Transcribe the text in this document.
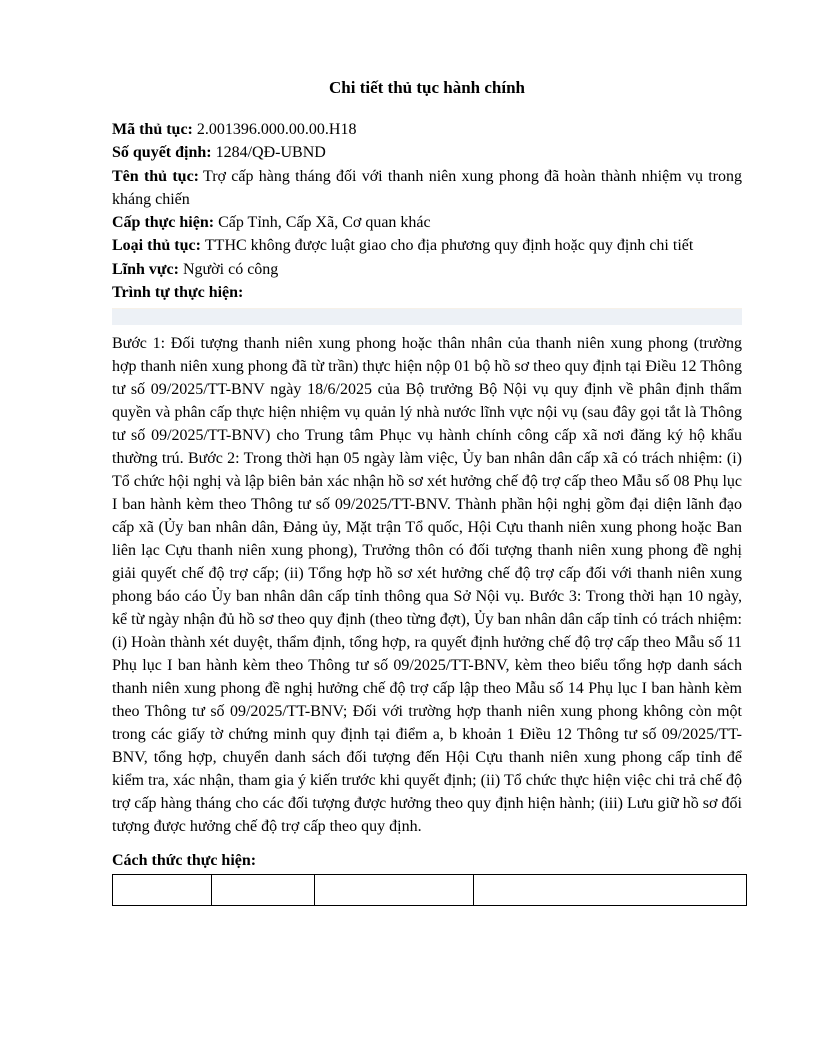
Chi tiết thủ tục hành chính
Mã thủ tục: 2.001396.000.00.00.H18
Số quyết định: 1284/QĐ-UBND
Tên thủ tục: Trợ cấp hàng tháng đối với thanh niên xung phong đã hoàn thành nhiệm vụ trong kháng chiến
Cấp thực hiện: Cấp Tỉnh, Cấp Xã, Cơ quan khác
Loại thủ tục: TTHC không được luật giao cho địa phương quy định hoặc quy định chi tiết
Lĩnh vực: Người có công
Trình tự thực hiện:
Bước 1: Đối tượng thanh niên xung phong hoặc thân nhân của thanh niên xung phong (trường hợp thanh niên xung phong đã từ trần) thực hiện nộp 01 bộ hồ sơ theo quy định tại Điều 12 Thông tư số 09/2025/TT-BNV ngày 18/6/2025 của Bộ trưởng Bộ Nội vụ quy định về phân định thẩm quyền và phân cấp thực hiện nhiệm vụ quản lý nhà nước lĩnh vực nội vụ (sau đây gọi tắt là Thông tư số 09/2025/TT-BNV) cho Trung tâm Phục vụ hành chính công cấp xã nơi đăng ký hộ khẩu thường trú. Bước 2: Trong thời hạn 05 ngày làm việc, Ủy ban nhân dân cấp xã có trách nhiệm: (i) Tổ chức hội nghị và lập biên bản xác nhận hồ sơ xét hưởng chế độ trợ cấp theo Mẫu số 08 Phụ lục I ban hành kèm theo Thông tư số 09/2025/TT-BNV. Thành phần hội nghị gồm đại diện lãnh đạo cấp xã (Ủy ban nhân dân, Đảng ủy, Mặt trận Tổ quốc, Hội Cựu thanh niên xung phong hoặc Ban liên lạc Cựu thanh niên xung phong), Trưởng thôn có đối tượng thanh niên xung phong đề nghị giải quyết chế độ trợ cấp; (ii) Tổng hợp hồ sơ xét hưởng chế độ trợ cấp đối với thanh niên xung phong báo cáo Ủy ban nhân dân cấp tỉnh thông qua Sở Nội vụ. Bước 3: Trong thời hạn 10 ngày, kể từ ngày nhận đủ hồ sơ theo quy định (theo từng đợt), Ủy ban nhân dân cấp tỉnh có trách nhiệm: (i) Hoàn thành xét duyệt, thẩm định, tổng hợp, ra quyết định hưởng chế độ trợ cấp theo Mẫu số 11 Phụ lục I ban hành kèm theo Thông tư số 09/2025/TT-BNV, kèm theo biểu tổng hợp danh sách thanh niên xung phong đề nghị hưởng chế độ trợ cấp lập theo Mẫu số 14 Phụ lục I ban hành kèm theo Thông tư số 09/2025/TT-BNV; Đối với trường hợp thanh niên xung phong không còn một trong các giấy tờ chứng minh quy định tại điểm a, b khoản 1 Điều 12 Thông tư số 09/2025/TT-BNV, tổng hợp, chuyển danh sách đối tượng đến Hội Cựu thanh niên xung phong cấp tỉnh để kiểm tra, xác nhận, tham gia ý kiến trước khi quyết định; (ii) Tổ chức thực hiện việc chi trả chế độ trợ cấp hàng tháng cho các đối tượng được hưởng theo quy định hiện hành; (iii) Lưu giữ hồ sơ đối tượng được hưởng chế độ trợ cấp theo quy định.
Cách thức thực hiện:
